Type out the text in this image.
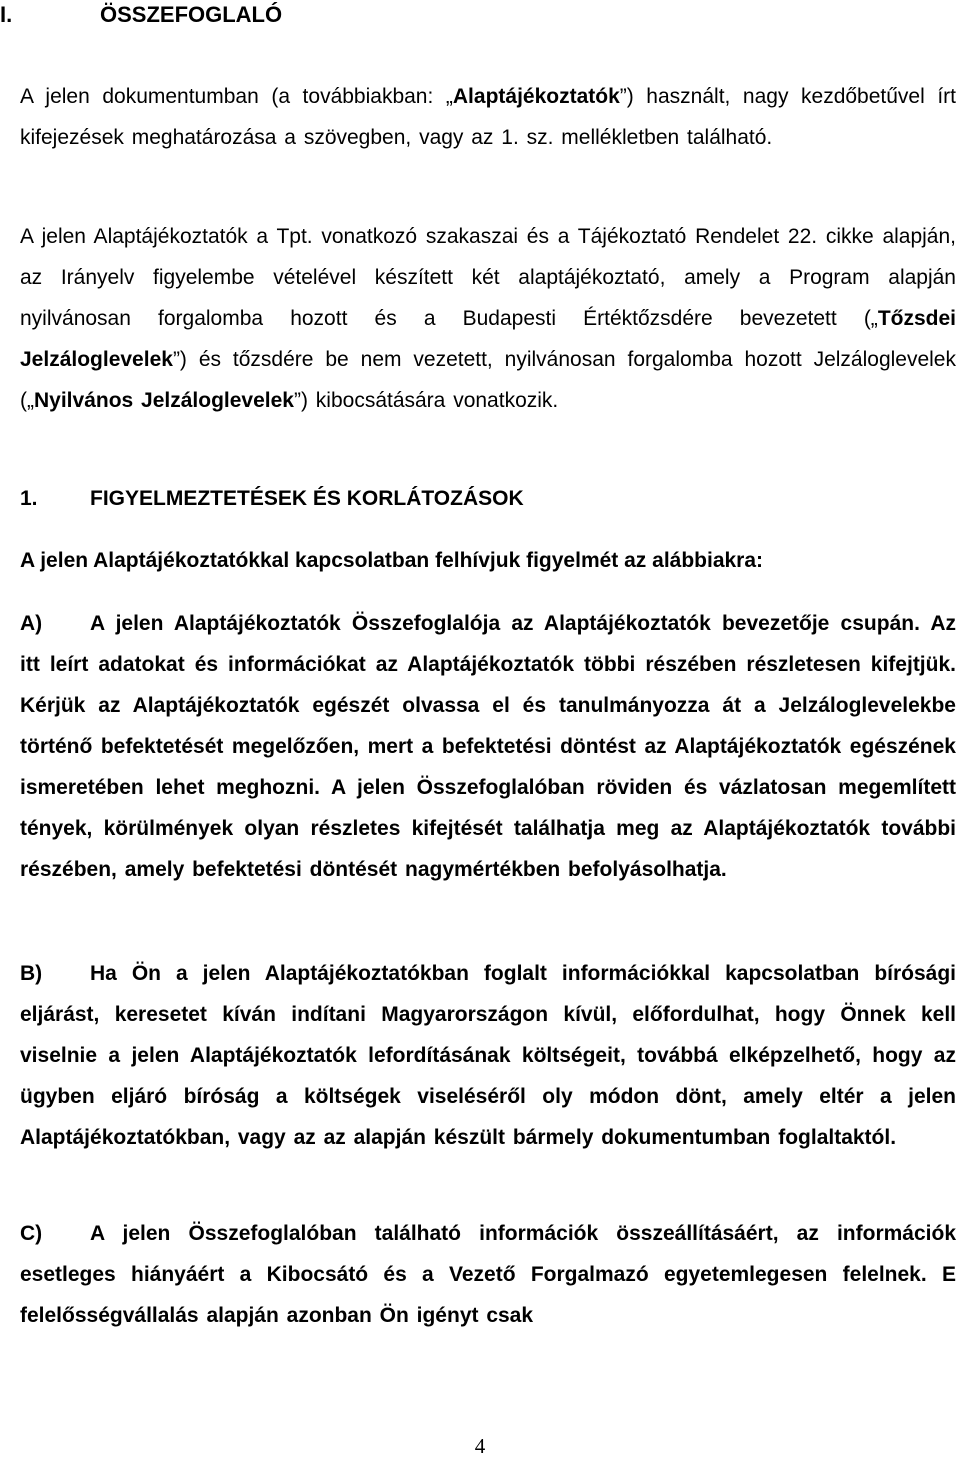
I.	ÖSSZEFOGLALÓ

A jelen dokumentumban (a továbbiakban: „Alaptájékoztatók”) használt, nagy kezdőbetűvel írt kifejezések meghatározása a szövegben, vagy az 1. sz. mellékletben található.

A jelen Alaptájékoztatók a Tpt. vonatkozó szakaszai és a Tájékoztató Rendelet 22. cikke alapján, az Irányelv figyelembe vételével készített két alaptájékoztató, amely a Program alapján nyilvánosan forgalomba hozott és a Budapesti Értéktőzsdére bevezetett („Tőzsdei Jelzáloglevelek”) és tőzsdére be nem vezetett, nyilvánosan forgalomba hozott Jelzáloglevelek („Nyilvános Jelzáloglevelek”) kibocsátására vonatkozik.

1. FIGYELMEZTETÉSEK ÉS KORLÁTOZÁSOK

A jelen Alaptájékoztatókkal kapcsolatban felhívjuk figyelmét az alábbiakra:

A) A jelen Alaptájékoztatók Összefoglalója az Alaptájékoztatók bevezetője csupán. Az itt leírt adatokat és információkat az Alaptájékoztatók többi részében részletesen kifejtjük. Kérjük az Alaptájékoztatók egészét olvassa el és tanulmányozza át a Jelzáloglevelekbe történő befektetését megelőzően, mert a befektetési döntést az Alaptájékoztatók egészének ismeretében lehet meghozni. A jelen Összefoglalóban röviden és vázlatosan megemlített tények, körülmények olyan részletes kifejtését találhatja meg az Alaptájékoztatók további részében, amely befektetési döntését nagymértékben befolyásolhatja.

B) Ha Ön a jelen Alaptájékoztatókban foglalt információkkal kapcsolatban bírósági eljárást, keresetet kíván indítani Magyarországon kívül, előfordulhat, hogy Önnek kell viselnie a jelen Alaptájékoztatók lefordításának költségeit, továbbá elképzelhető, hogy az ügyben eljáró bíróság a költségek viseléséről oly módon dönt, amely eltér a jelen Alaptájékoztatókban, vagy az az alapján készült bármely dokumentumban foglaltaktól.

C) A jelen Összefoglalóban található információk összeállításáért, az információk esetleges hiányáért a Kibocsátó és a Vezető Forgalmazó egyetemlegesen felelnek. E felelősségvállalás alapján azonban Ön igényt csak

4
